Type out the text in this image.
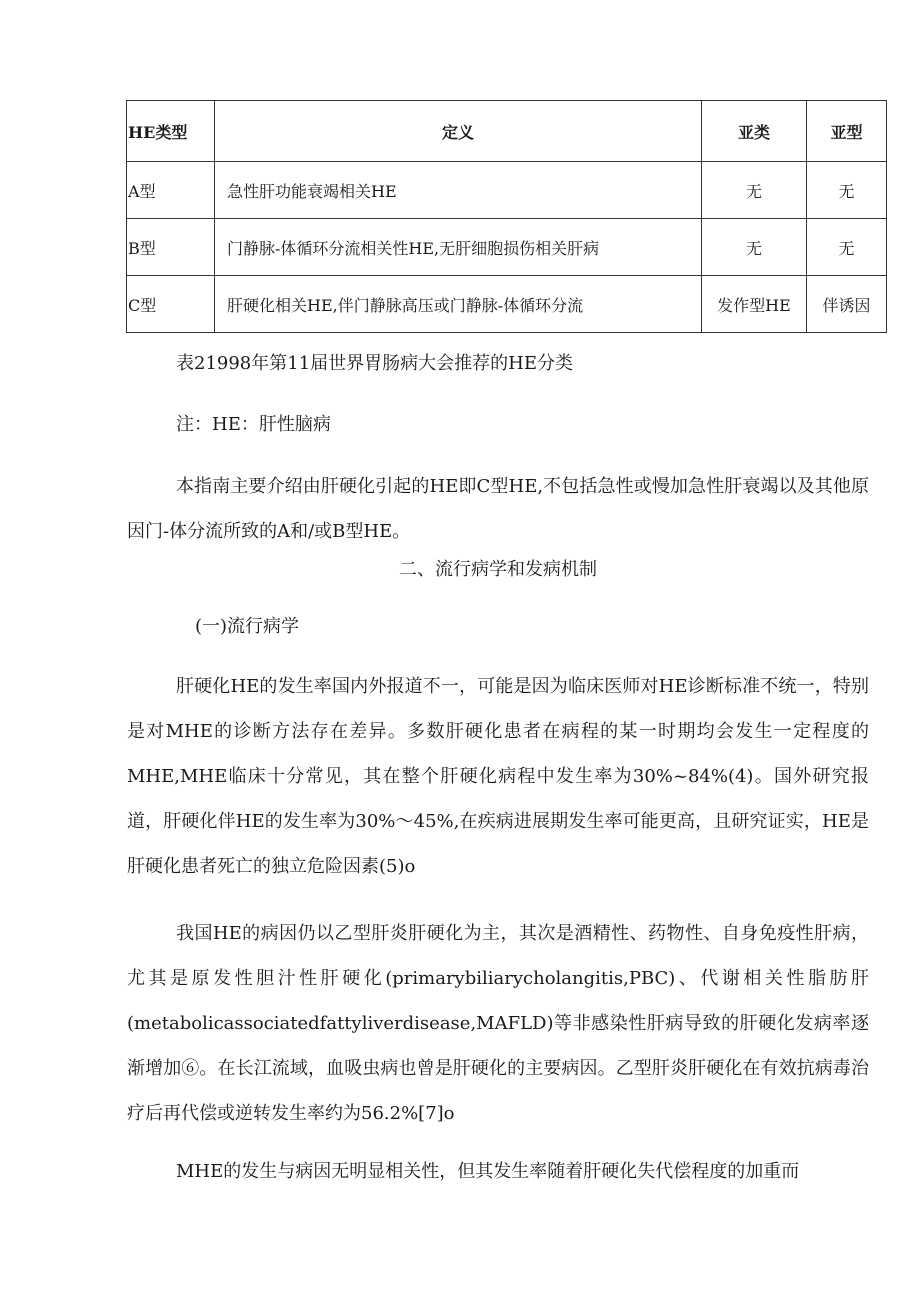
HE类型	定义	亚类	亚型
A型	急性肝功能衰竭相关HE	无	无
B型	门静脉-体循环分流相关性HE,无肝细胞损伤相关肝病	无	无
C型	肝硬化相关HE,伴门静脉高压或门静脉-体循环分流	发作型HE	伴诱因
表21998年第11届世界胃肠病大会推荐的HE分类
注：HE：肝性脑病
本指南主要介绍由肝硬化引起的HE即C型HE,不包括急性或慢加急性肝衰竭以及其他原因门-体分流所致的A和/或B型HE。
二、流行病学和发病机制
(一)流行病学
肝硬化HE的发生率国内外报道不一，可能是因为临床医师对HE诊断标准不统一，特别是对MHE的诊断方法存在差异。多数肝硬化患者在病程的某一时期均会发生一定程度的MHE,MHE临床十分常见，其在整个肝硬化病程中发生率为30%~84%(4)。国外研究报道，肝硬化伴HE的发生率为30%～45%,在疾病进展期发生率可能更高，且研究证实，HE是肝硬化患者死亡的独立危险因素(5)o
我国HE的病因仍以乙型肝炎肝硬化为主，其次是酒精性、药物性、自身免疫性肝病，尤其是原发性胆汁性肝硬化(primarybiliarycholangitis,PBC)、代谢相关性脂肪肝(metabolicassociatedfattyliverdisease,MAFLD)等非感染性肝病导致的肝硬化发病率逐渐增加⑥。在长江流域，血吸虫病也曾是肝硬化的主要病因。乙型肝炎肝硬化在有效抗病毒治疗后再代偿或逆转发生率约为56.2%[7]o
MHE的发生与病因无明显相关性，但其发生率随着肝硬化失代偿程度的加重而
